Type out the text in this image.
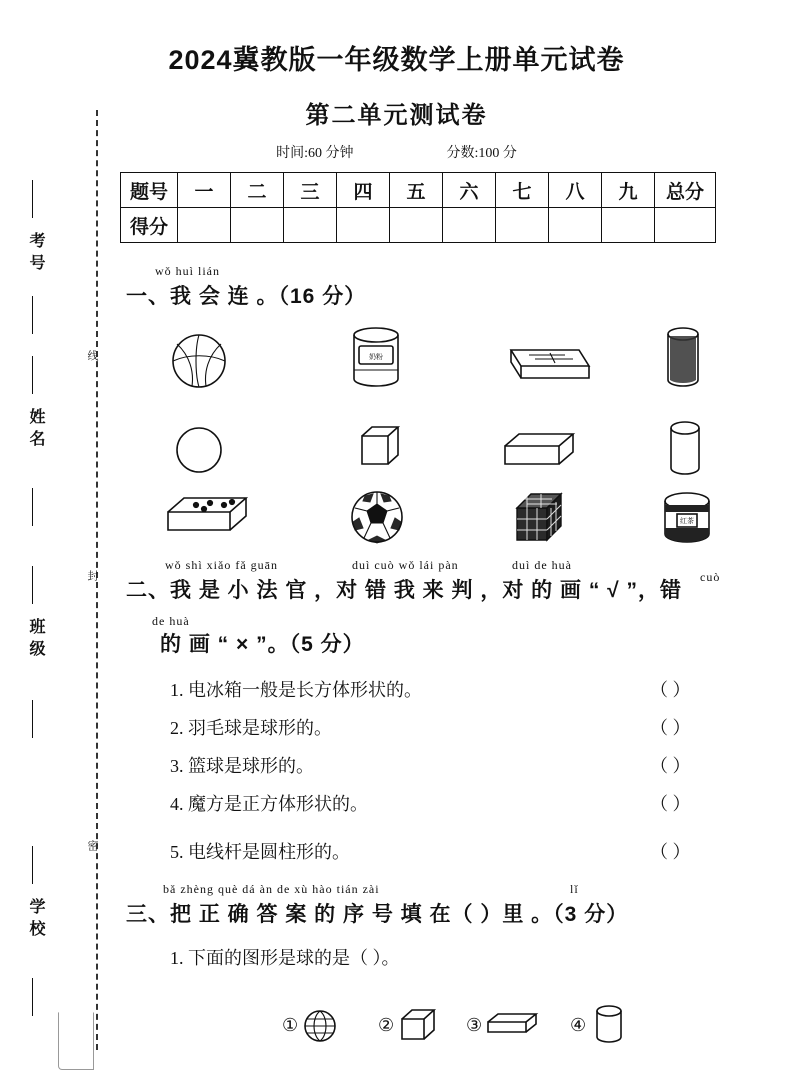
考号
姓名
班级
学校
线
封
密
2024冀教版一年级数学上册单元试卷
第二单元测试卷
时间:60 分钟	分数:100 分
题号	一	二	三	四	五	六	七	八	九	总分
得分										
wǒ huì lián
一、我 会 连 。（16 分）
奶粉
红茶
wǒ shì xiǎo fǎ guān	duì cuò wǒ lái pàn	duì de huà
cuò
de huà
二、我 是 小 法 官 ，对 错 我 来 判 ，对 的 画 “ √ ”，错
的 画 “ × ”。（5 分）
1. 电冰箱一般是长方体形状的。	（ ）
2. 羽毛球是球形的。	（ ）
3. 篮球是球形的。	（ ）
4. 魔方是正方体形状的。	（ ）
5. 电线杆是圆柱形的。	（ ）
bǎ zhèng què dá àn de xù hào tián zài	lǐ
三、把 正 确 答 案 的 序 号 填 在（ ）里 。（3 分）
1. 下面的图形是球的是（ ）。
①	②	③	④
